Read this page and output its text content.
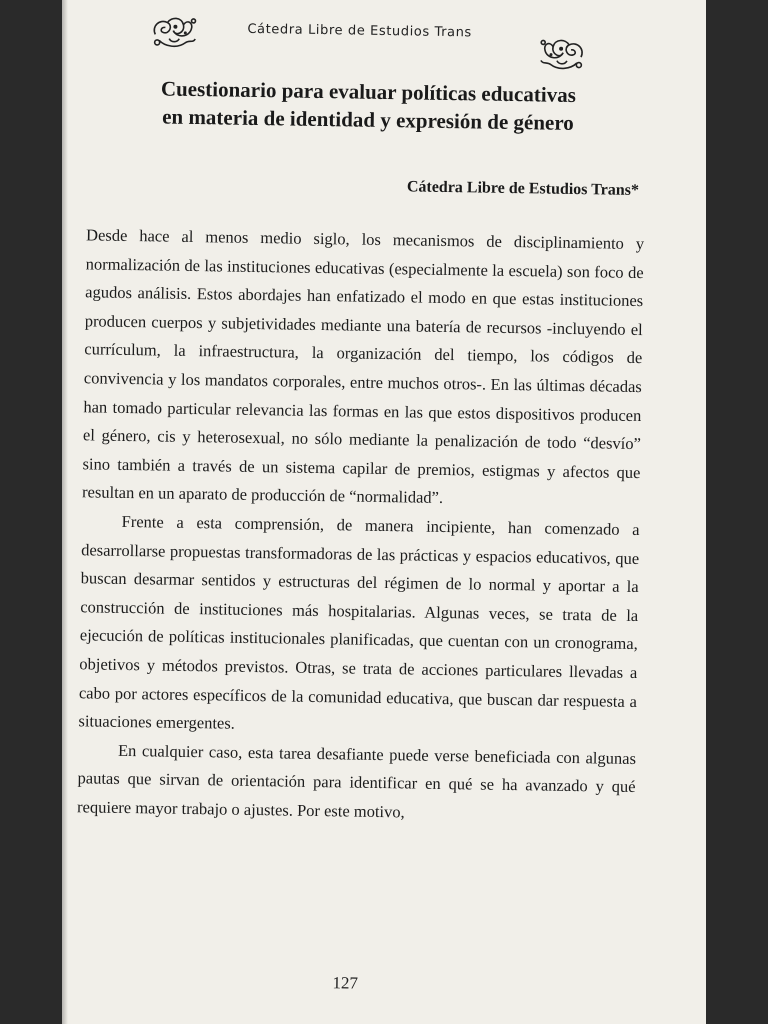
Cátedra Libre de Estudios Trans
Cuestionario para evaluar políticas educativas
en materia de identidad y expresión de género
Cátedra Libre de Estudios Trans*

Desde hace al menos medio siglo, los mecanismos de disciplinamiento y normalización de las instituciones educativas (especialmente la escuela) son foco de agudos análisis. Estos abordajes han enfatizado el modo en que estas instituciones producen cuerpos y subjetividades mediante una batería de recursos -incluyendo el currículum, la infraestructura, la organización del tiempo, los códigos de convivencia y los mandatos corporales, entre muchos otros-. En las últimas décadas han tomado particular relevancia las formas en las que estos dispositivos producen el género, cis y heterosexual, no sólo mediante la penalización de todo “desvío” sino también a través de un sistema capilar de premios, estigmas y afectos que resultan en un aparato de producción de “normalidad”.

Frente a esta comprensión, de manera incipiente, han comenzado a desarrollarse propuestas transformadoras de las prácticas y espacios educativos, que buscan desarmar sentidos y estructuras del régimen de lo normal y aportar a la construcción de instituciones más hospitalarias. Algunas veces, se trata de la ejecución de políticas institucionales planificadas, que cuentan con un cronograma, objetivos y métodos previstos. Otras, se trata de acciones particulares llevadas a cabo por actores específicos de la comunidad educativa, que buscan dar respuesta a situaciones emergentes.

En cualquier caso, esta tarea desafiante puede verse beneficiada con algunas pautas que sirvan de orientación para identificar en qué se ha avanzado y qué requiere mayor trabajo o ajustes. Por este motivo,

127
